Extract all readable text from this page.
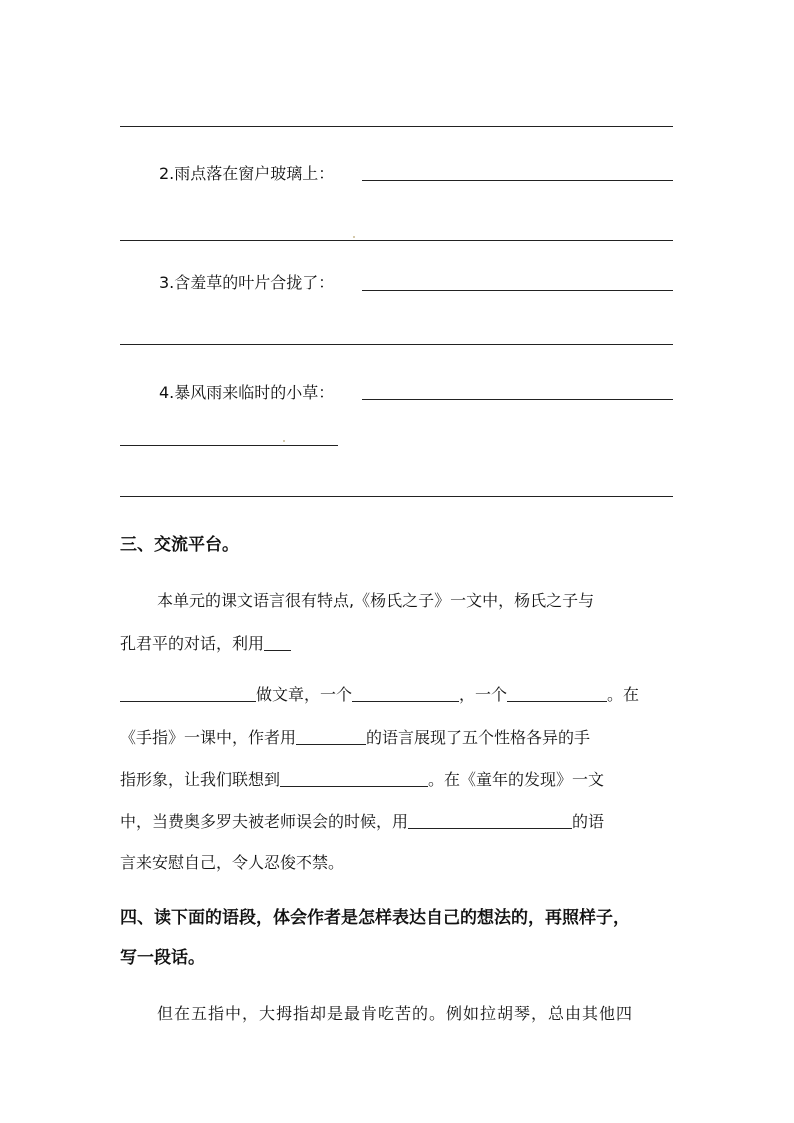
2.雨点落在窗户玻璃上：
3.含羞草的叶片合拢了：
4.暴风雨来临时的小草：
三、交流平台。
本单元的课文语言很有特点,《杨氏之子》一文中，杨氏之子与
孔君平的对话，利用
做文章，一个	，一个	。在
《手指》一课中，作者用	的语言展现了五个性格各异的手
指形象，让我们联想到	。在《童年的发现》一文
中，当费奥多罗夫被老师误会的时候，用	的语
言来安慰自己，令人忍俊不禁。
四、读下面的语段，体会作者是怎样表达自己的想法的，再照样子，
写一段话。
但在五指中，大拇指却是最肯吃苦的。例如拉胡琴，总由其他四
